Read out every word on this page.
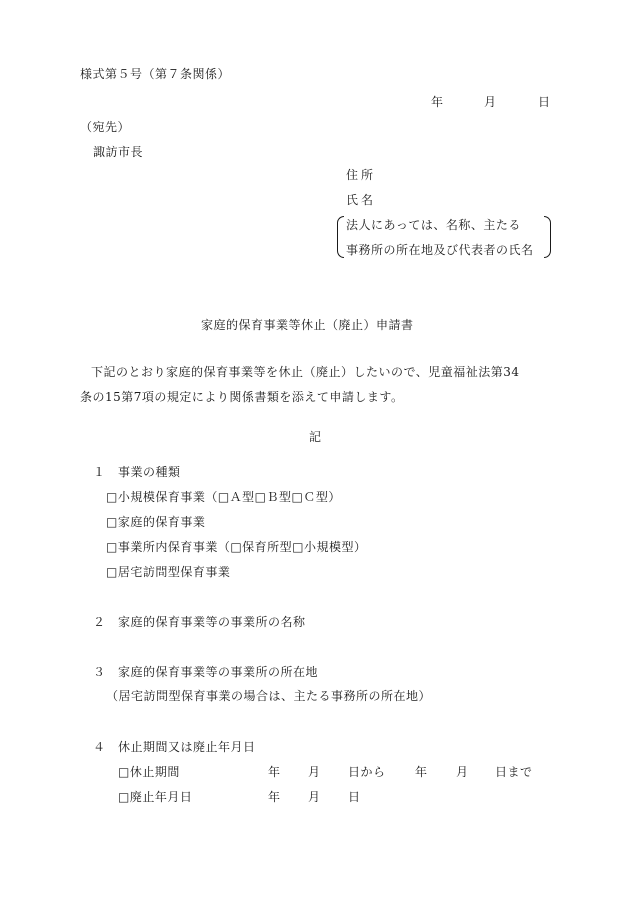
様式第５号（第７条関係）
年	月	日
（宛先）
諏訪市長
住所
氏名
法人にあっては、名称、主たる
事務所の所在地及び代表者の氏名
家庭的保育事業等休止（廃止）申請書
下記のとおり家庭的保育事業等を休止（廃止）したいので、児童福祉法第34
条の15第7項の規定により関係書類を添えて申請します。
記
１　事業の種類
□小規模保育事業（□Ａ型□Ｂ型□Ｃ型）
□家庭的保育事業
□事業所内保育事業（□保育所型□小規模型）
□居宅訪問型保育事業
２　家庭的保育事業等の事業所の名称
３　家庭的保育事業等の事業所の所在地
（居宅訪問型保育事業の場合は、主たる事務所の所在地）
４　休止期間又は廃止年月日
□休止期間	年 月 日から 年 月 日まで
□廃止年月日	年 月 日
